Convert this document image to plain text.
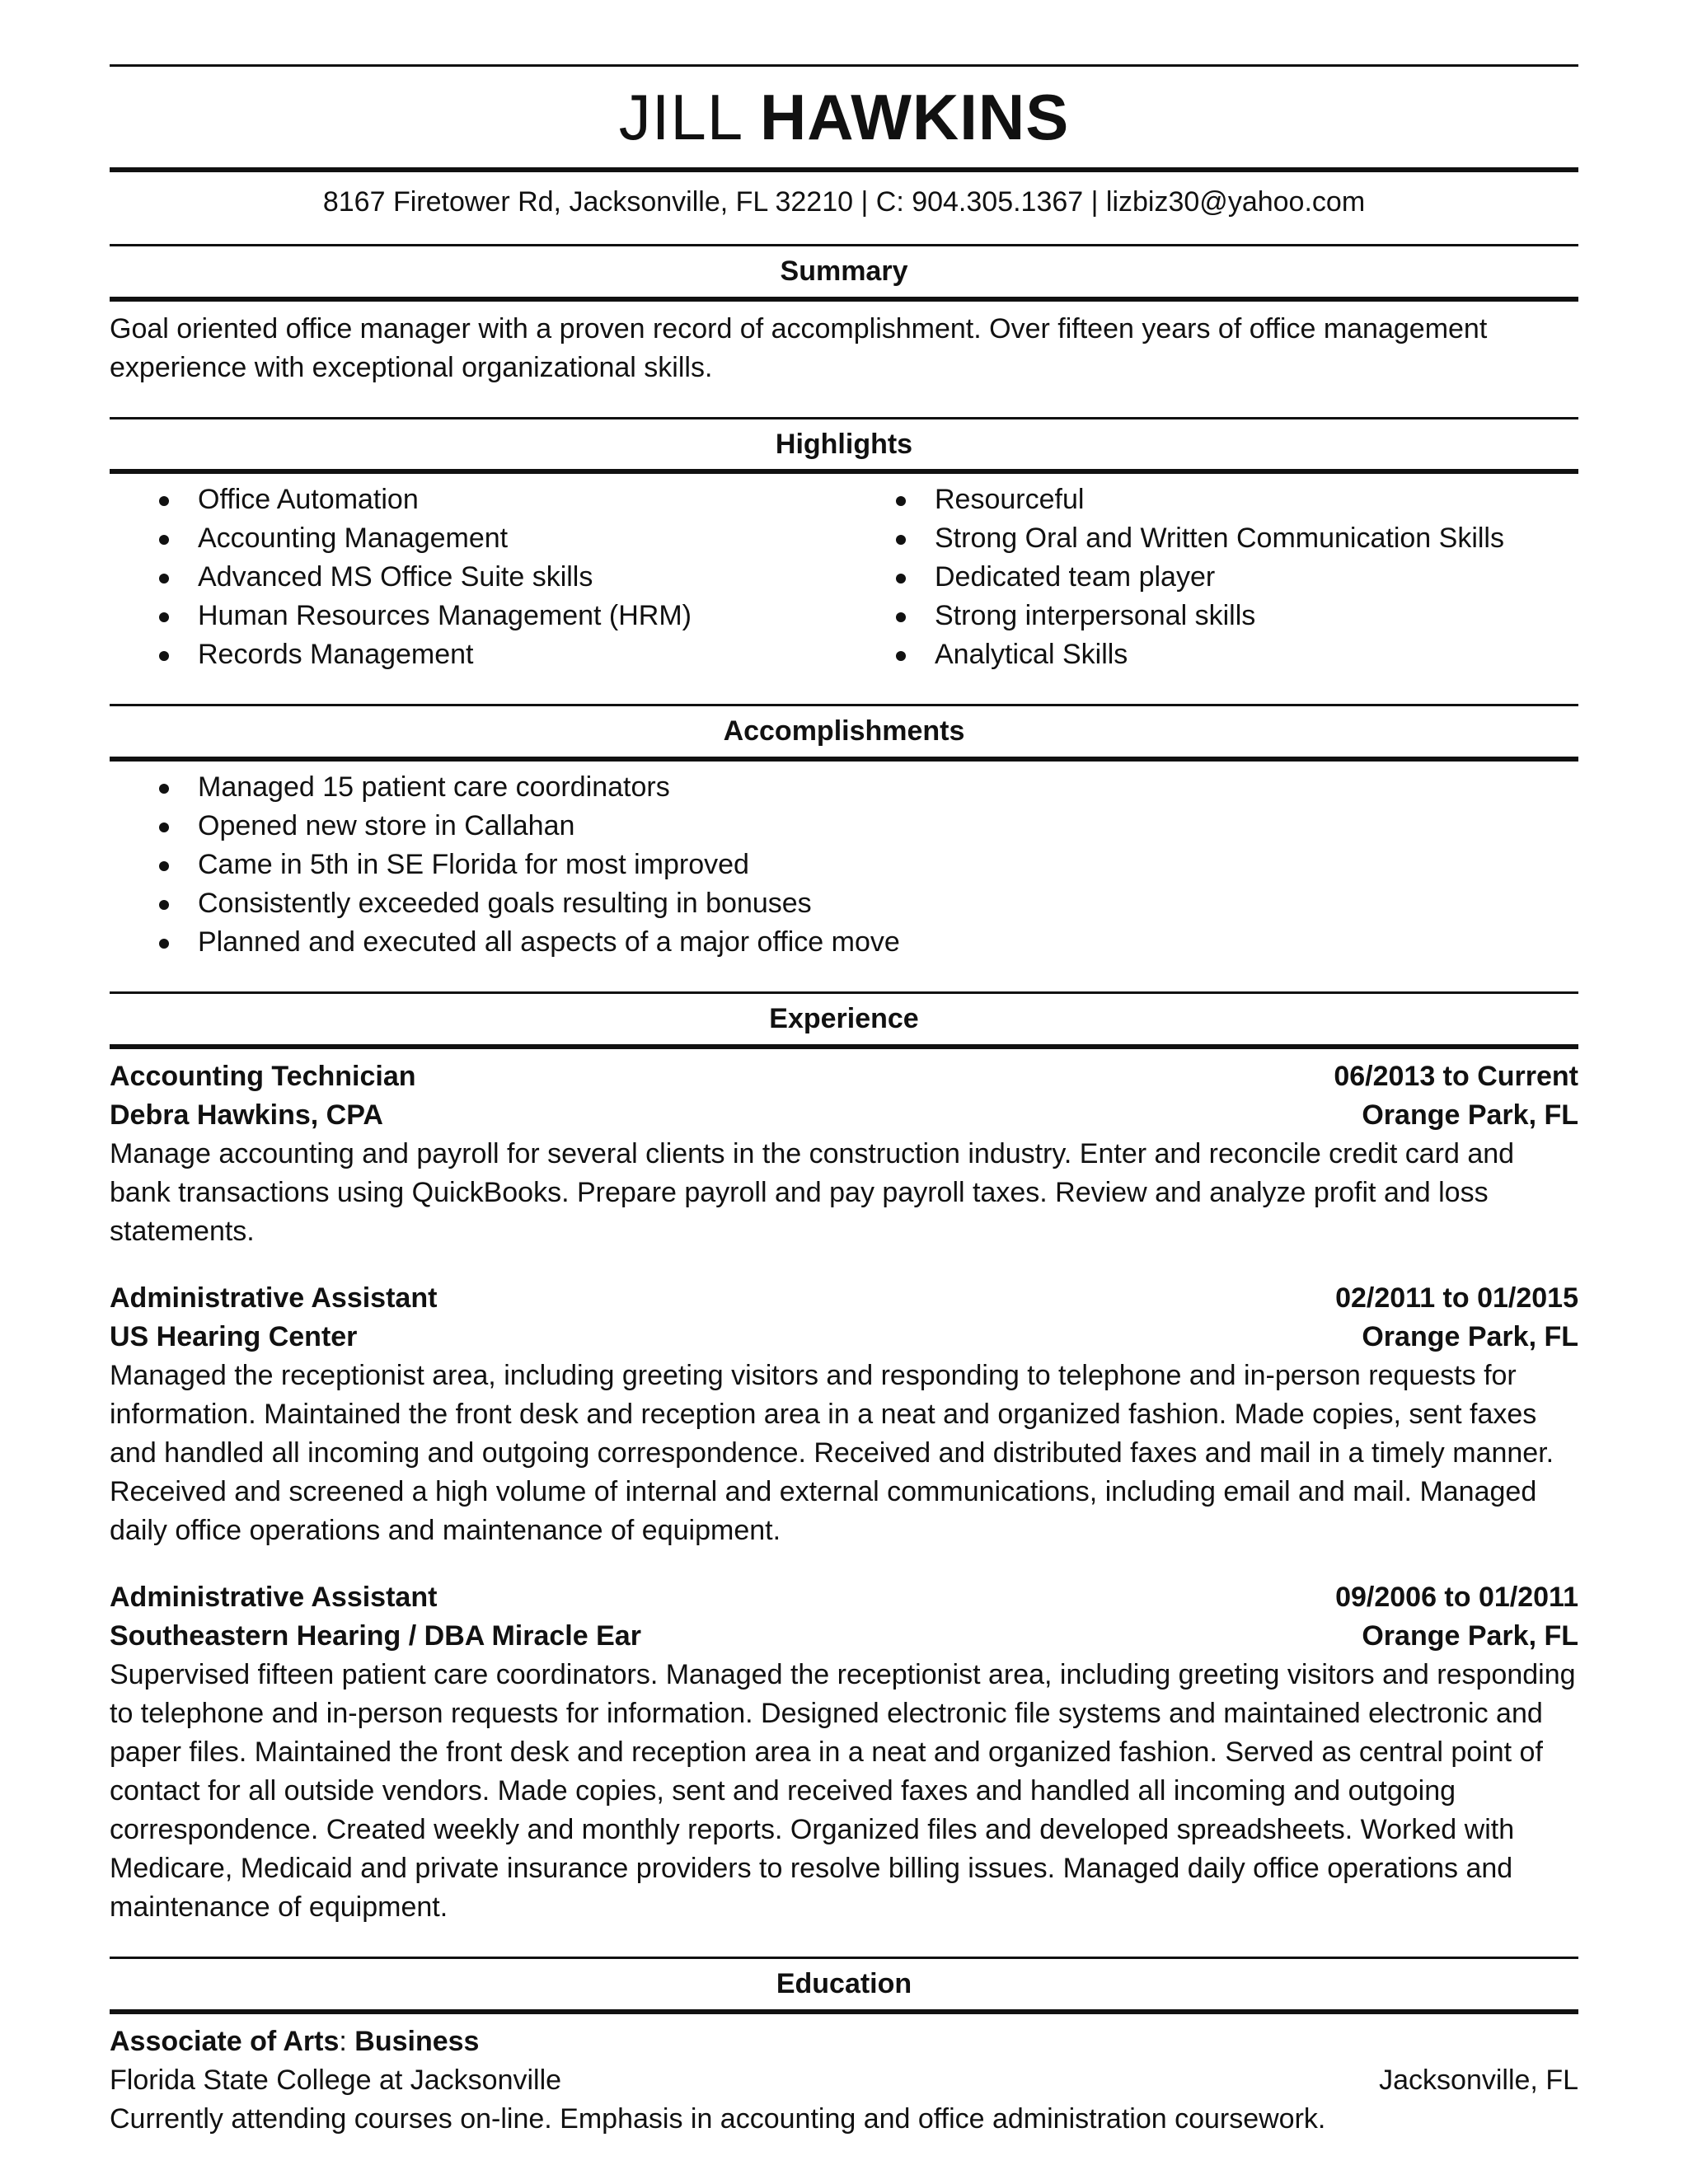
JILL HAWKINS
8167 Firetower Rd, Jacksonville, FL 32210 | C: 904.305.1367 | lizbiz30@yahoo.com
Summary
Goal oriented office manager with a proven record of accomplishment. Over fifteen years of office management experience with exceptional organizational skills.
Highlights
Office Automation
Accounting Management
Advanced MS Office Suite skills
Human Resources Management (HRM)
Records Management
Resourceful
Strong Oral and Written Communication Skills
Dedicated team player
Strong interpersonal skills
Analytical Skills
Accomplishments
Managed 15 patient care coordinators
Opened new store in Callahan
Came in 5th in SE Florida for most improved
Consistently exceeded goals resulting in bonuses
Planned and executed all aspects of a major office move
Experience
Accounting Technician	06/2013 to Current
Debra Hawkins, CPA	Orange Park, FL
Manage accounting and payroll for several clients in the construction industry. Enter and reconcile credit card and bank transactions using QuickBooks. Prepare payroll and pay payroll taxes. Review and analyze profit and loss statements.
Administrative Assistant	02/2011 to 01/2015
US Hearing Center	Orange Park, FL
Managed the receptionist area, including greeting visitors and responding to telephone and in-person requests for information. Maintained the front desk and reception area in a neat and organized fashion. Made copies, sent faxes and handled all incoming and outgoing correspondence. Received and distributed faxes and mail in a timely manner. Received and screened a high volume of internal and external communications, including email and mail. Managed daily office operations and maintenance of equipment.
Administrative Assistant	09/2006 to 01/2011
Southeastern Hearing / DBA Miracle Ear	Orange Park, FL
Supervised fifteen patient care coordinators. Managed the receptionist area, including greeting visitors and responding to telephone and in-person requests for information. Designed electronic file systems and maintained electronic and paper files. Maintained the front desk and reception area in a neat and organized fashion. Served as central point of contact for all outside vendors. Made copies, sent and received faxes and handled all incoming and outgoing correspondence. Created weekly and monthly reports. Organized files and developed spreadsheets. Worked with Medicare, Medicaid and private insurance providers to resolve billing issues. Managed daily office operations and maintenance of equipment.
Education
Associate of Arts: Business
Florida State College at Jacksonville	Jacksonville, FL
Currently attending courses on-line. Emphasis in accounting and office administration coursework.
